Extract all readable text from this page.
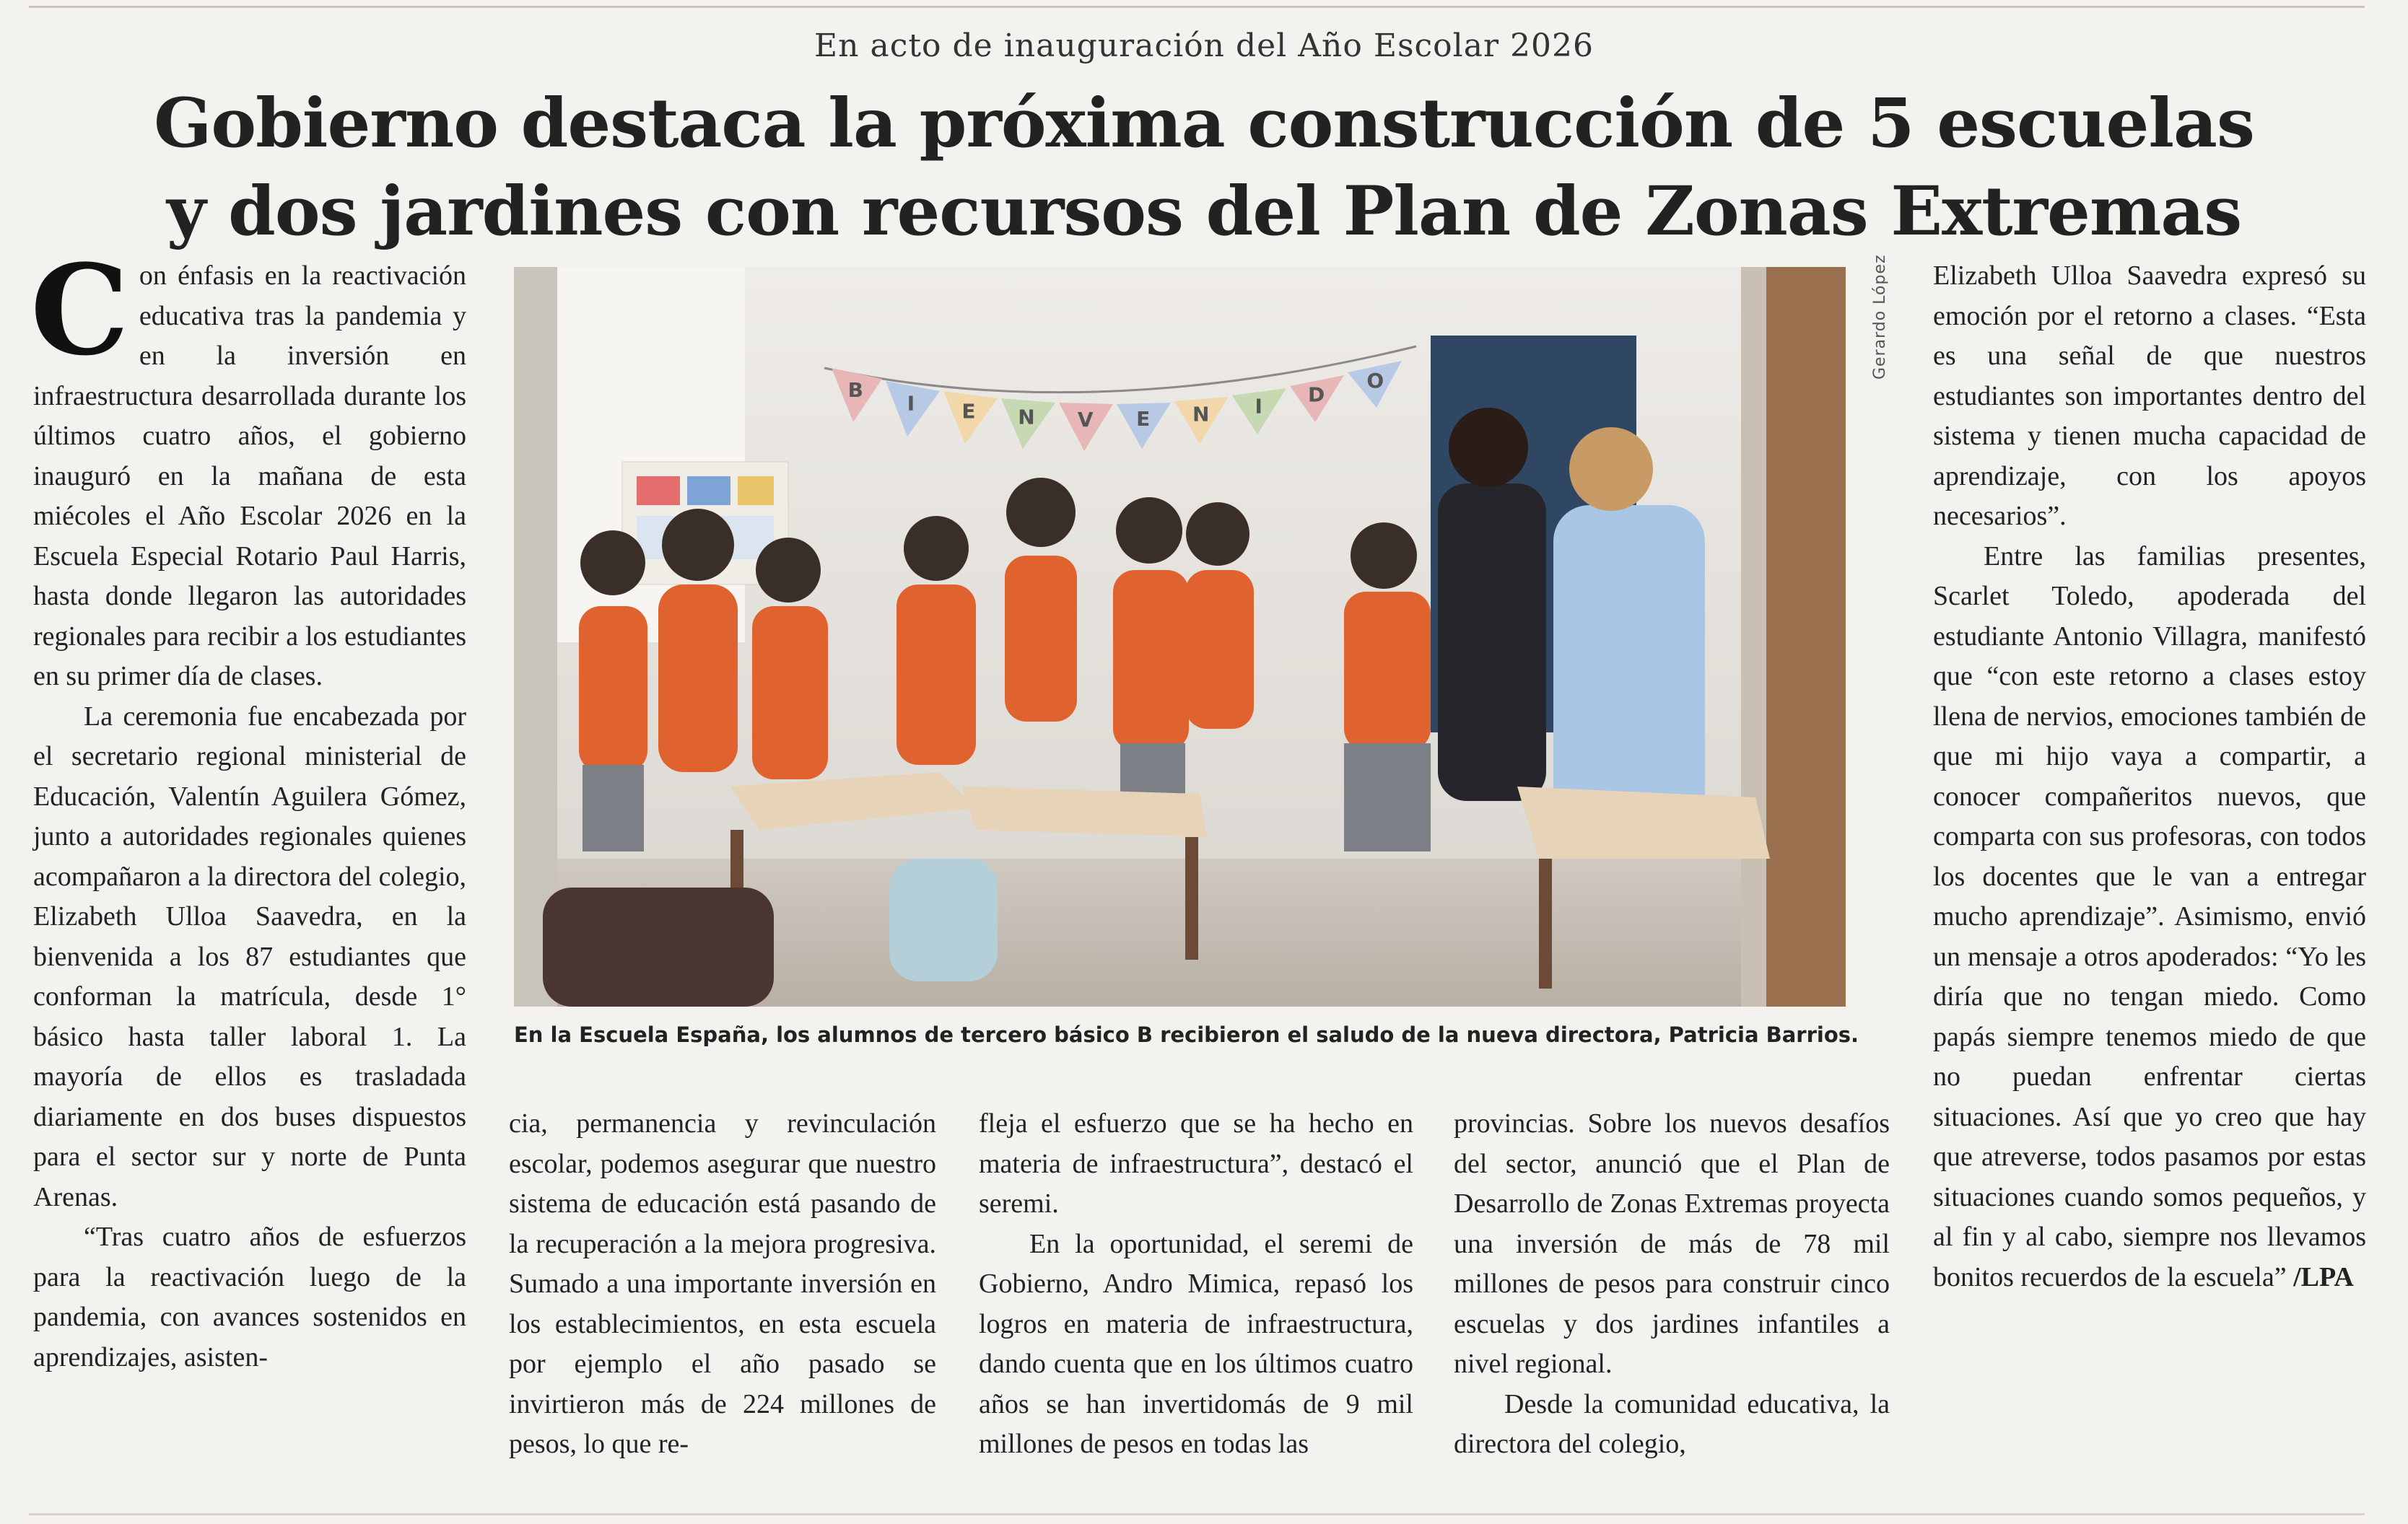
En acto de inauguración del Año Escolar 2026
Gobierno destaca la próxima construcción de 5 escuelas
y dos jardines con recursos del Plan de Zonas Extremas

Con énfasis en la reactivación educativa tras la pandemia y en la inversión en infraestructura desarrollada durante los últimos cuatro años, el gobierno inauguró en la mañana de esta miécoles el Año Escolar 2026 en la Escuela Especial Rotario Paul Harris, hasta donde llegaron las autoridades regionales para recibir a los estudiantes en su primer día de clases.

La ceremonia fue encabezada por el secretario regional ministerial de Educación, Valentín Aguilera Gómez, junto a autoridades regionales quienes acompañaron a la directora del colegio, Elizabeth Ulloa Saavedra, en la bienvenida a los 87 estudiantes que conforman la matrícula, desde 1° básico hasta taller laboral 1. La mayoría de ellos es trasladada diariamente en dos buses dispuestos para el sector sur y norte de Punta Arenas.

“Tras cuatro años de esfuerzos para la reactivación luego de la pandemia, con avances sostenidos en aprendizajes, asisten-

B
I E N V E N I D
O
Gerardo López
En la Escuela España, los alumnos de tercero básico B recibieron el saludo de la nueva directora, Patricia Barrios.

cia, permanencia y revinculación escolar, podemos asegurar que nuestro sistema de educación está pasando de la recuperación a la mejora progresiva. Sumado a una importante inversión en los establecimientos, en esta escuela por ejemplo el año pasado se invirtieron más de 224 millones de pesos, lo que re-

fleja el esfuerzo que se ha hecho en materia de infraestructura”, destacó el seremi.

En la oportunidad, el seremi de Gobierno, Andro Mimica, repasó los logros en materia de infraestructura, dando cuenta que en los últimos cuatro años se han invertidomás de 9 mil millones de pesos en todas las

provincias. Sobre los nuevos desafíos del sector, anunció que el Plan de Desarrollo de Zonas Extremas proyecta una inversión de más de 78 mil millones de pesos para construir cinco escuelas y dos jardines infantiles a nivel regional.

Desde la comunidad educativa, la directora del colegio,

Elizabeth Ulloa Saavedra expresó su emoción por el retorno a clases. “Esta es una señal de que nuestros estudiantes son importantes dentro del sistema y tienen mucha capacidad de aprendizaje, con los apoyos necesarios”.

Entre las familias presentes, Scarlet Toledo, apoderada del estudiante Antonio Villagra, manifestó que “con este retorno a clases estoy llena de nervios, emociones también de que mi hijo vaya a compartir, a conocer compañeritos nuevos, que comparta con sus profesoras, con todos los docentes que le van a entregar mucho aprendizaje”. Asimismo, envió un mensaje a otros apoderados: “Yo les diría que no tengan miedo. Como papás siempre tenemos miedo de que no puedan enfrentar ciertas situaciones. Así que yo creo que hay que atreverse, todos pasamos por estas situaciones cuando somos pequeños, y al fin y al cabo, siempre nos llevamos bonitos recuerdos de la escuela” /LPA
